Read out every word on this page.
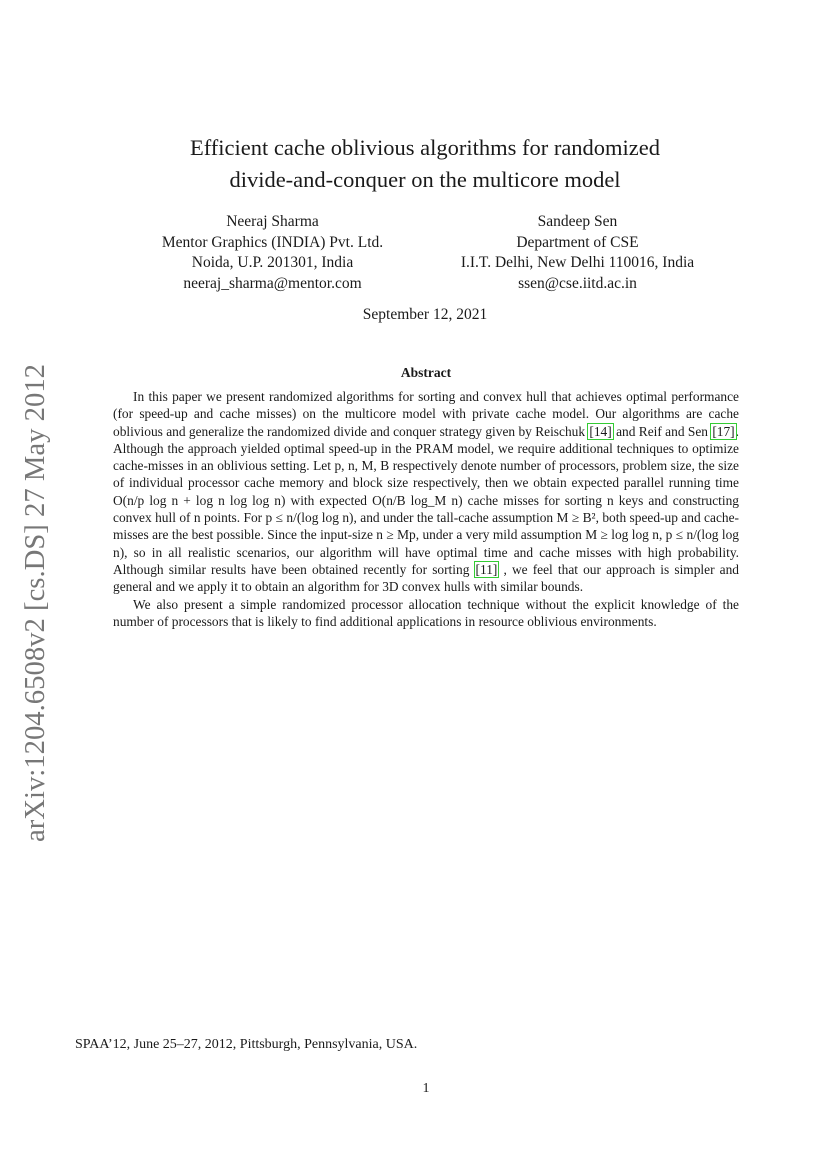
arXiv:1204.6508v2 [cs.DS] 27 May 2012
Efficient cache oblivious algorithms for randomized
divide-and-conquer on the multicore model
Neeraj Sharma
Mentor Graphics (INDIA) Pvt. Ltd.
Noida, U.P. 201301, India
neeraj_sharma@mentor.com
Sandeep Sen
Department of CSE
I.I.T. Delhi, New Delhi 110016, India
ssen@cse.iitd.ac.in
September 12, 2021
Abstract

In this paper we present randomized algorithms for sorting and convex hull that achieves optimal performance (for speed-up and cache misses) on the multicore model with private cache model. Our algorithms are cache oblivious and generalize the randomized divide and conquer strategy given by Reischuk [14] and Reif and Sen [17]. Although the approach yielded optimal speed-up in the PRAM model, we require additional techniques to optimize cache-misses in an oblivious setting. Let p, n, M, B respectively denote number of processors, problem size, the size of individual processor cache memory and block size respectively, then we obtain expected parallel running time O(n/p log n + log n log log n) with expected O(n/B log_M n) cache misses for sorting n keys and constructing convex hull of n points. For p ≤ n/(log log n), and under the tall-cache assumption M ≥ B², both speed-up and cache-misses are the best possible. Since the input-size n ≥ Mp, under a very mild assumption M ≥ log log n, p ≤ n/(log log n), so in all realistic scenarios, our algorithm will have optimal time and cache misses with high probability. Although similar results have been obtained recently for sorting [11] , we feel that our approach is simpler and general and we apply it to obtain an algorithm for 3D convex hulls with similar bounds.

We also present a simple randomized processor allocation technique without the explicit knowledge of the number of processors that is likely to find additional applications in resource oblivious environments.

SPAA’12, June 25–27, 2012, Pittsburgh, Pennsylvania, USA.
1
